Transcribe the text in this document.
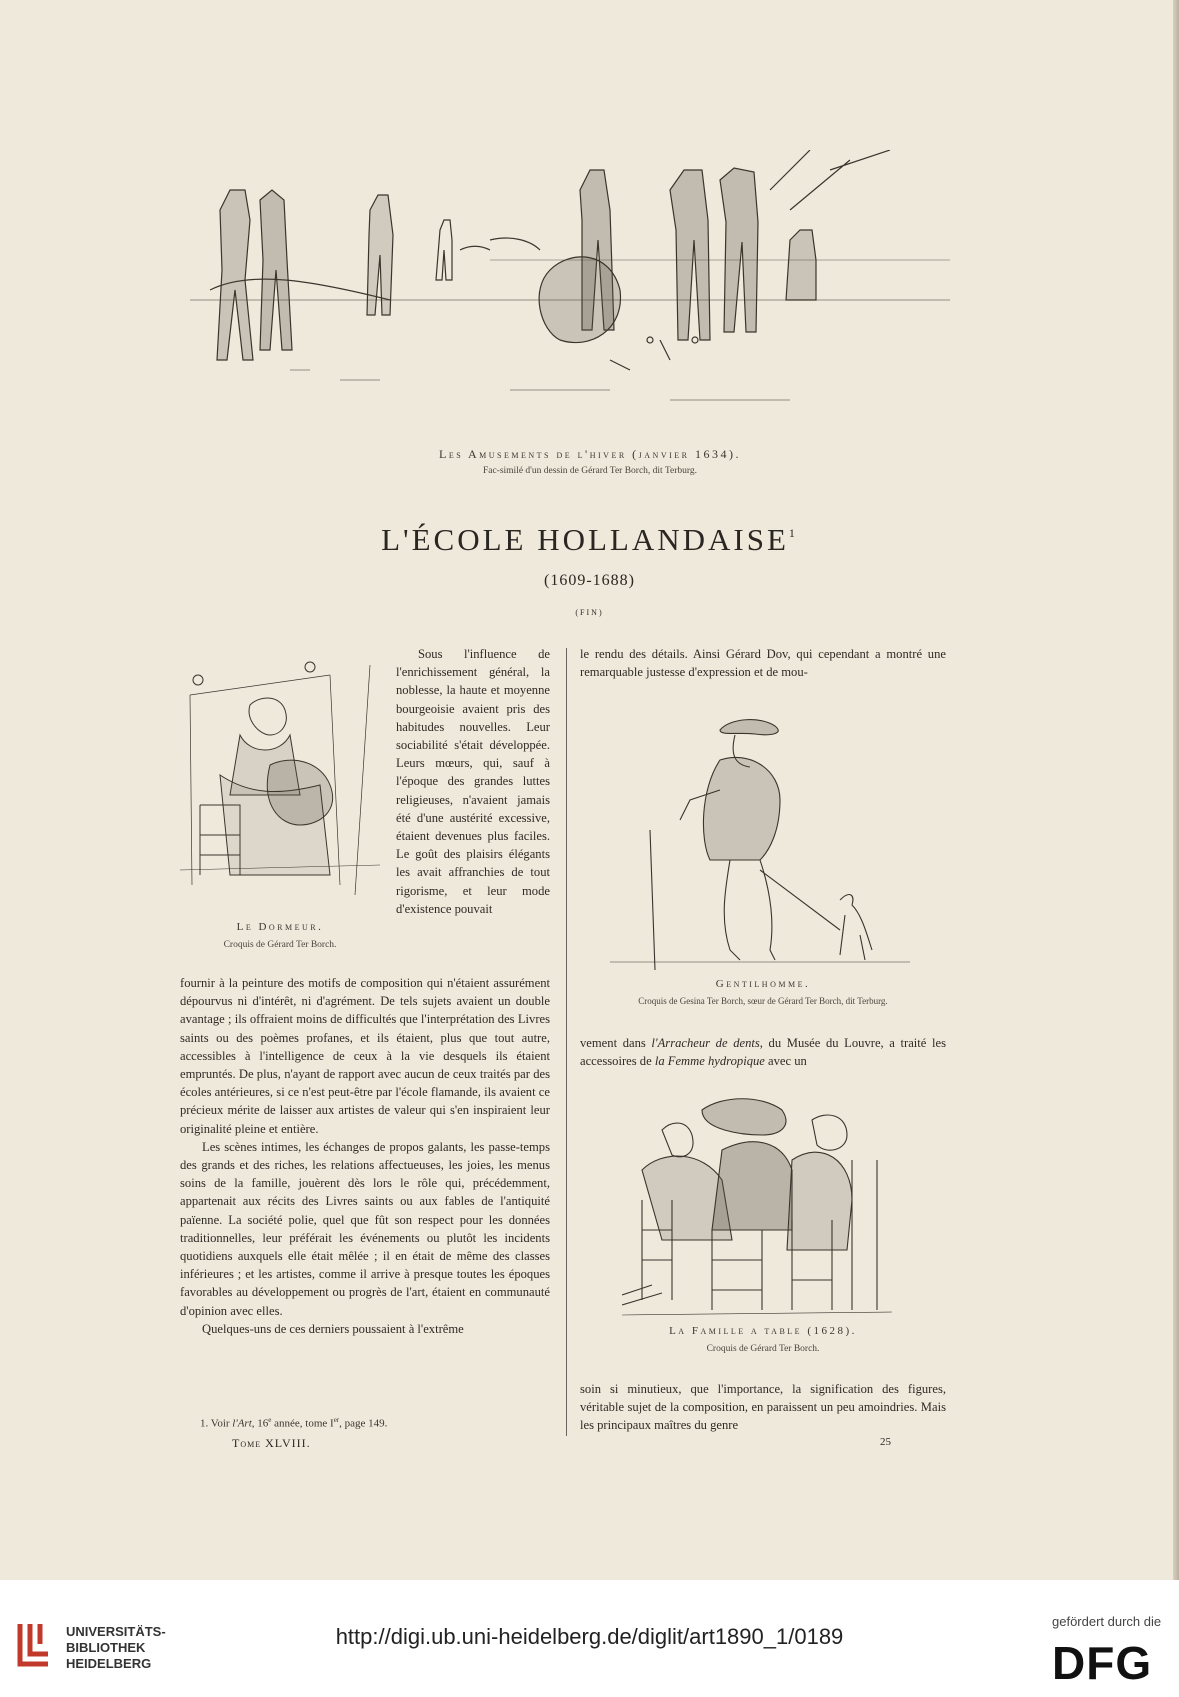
Les Amusements de l'hiver (janvier 1634).
Fac-similé d'un dessin de Gérard Ter Borch, dit Terburg.
L'ÉCOLE HOLLANDAISE$^1$
(1609-1688)
(FIN)
Le Dormeur.
Croquis de Gérard Ter Borch.

Sous l'influence de l'enrichissement général, la noblesse, la haute et moyenne bourgeoisie avaient pris des habitudes nouvelles. Leur sociabilité s'était développée. Leurs mœurs, qui, sauf à l'époque des grandes luttes religieuses, n'avaient jamais été d'une austérité excessive, étaient devenues plus faciles. Le goût des plaisirs élégants les avait affranchies de tout rigorisme, et leur mode d'existence pouvait

fournir à la peinture des motifs de composition qui n'étaient assurément dépourvus ni d'intérêt, ni d'agrément. De tels sujets avaient un double avantage ; ils offraient moins de difficultés que l'interprétation des Livres saints ou des poèmes profanes, et ils étaient, plus que tout autre, accessibles à l'intelligence de ceux à la vie desquels ils étaient empruntés. De plus, n'ayant de rapport avec aucun de ceux traités par des écoles antérieures, si ce n'est peut-être par l'école flamande, ils avaient ce précieux mérite de laisser aux artistes de valeur qui s'en inspiraient leur originalité pleine et entière.

Les scènes intimes, les échanges de propos galants, les passe-temps des grands et des riches, les relations affectueuses, les joies, les menus soins de la famille, jouèrent dès lors le rôle qui, précédemment, appartenait aux récits des Livres saints ou aux fables de l'antiquité païenne. La société polie, quel que fût son respect pour les données traditionnelles, leur préférait les événements ou plutôt les incidents quotidiens auxquels elle était mêlée ; il en était de même des classes inférieures ; et les artistes, comme il arrive à presque toutes les époques favorables au développement ou progrès de l'art, étaient en communauté d'opinion avec elles.

Quelques-uns de ces derniers poussaient à l'extrême

le rendu des détails. Ainsi Gérard Dov, qui cependant a montré une remarquable justesse d'expression et de mou-

Gentilhomme.
Croquis de Gesina Ter Borch, sœur de Gérard Ter Borch, dit Terburg.

vement dans l'Arracheur de dents, du Musée du Louvre, a traité les accessoires de la Femme hydropique avec un

La Famille a table (1628).
Croquis de Gérard Ter Borch.

soin si minutieux, que l'importance, la signification des figures, véritable sujet de la composition, en paraissent un peu amoindries. Mais les principaux maîtres du genre

1. Voir l'Art, 16e année, tome Ier, page 149.
Tome XLVIII.	25
UNIVERSITÄTS-
BIBLIOTHEK
HEIDELBERG
http://digi.ub.uni-heidelberg.de/diglit/art1890_1/0189
gefördert durch die
DFG
